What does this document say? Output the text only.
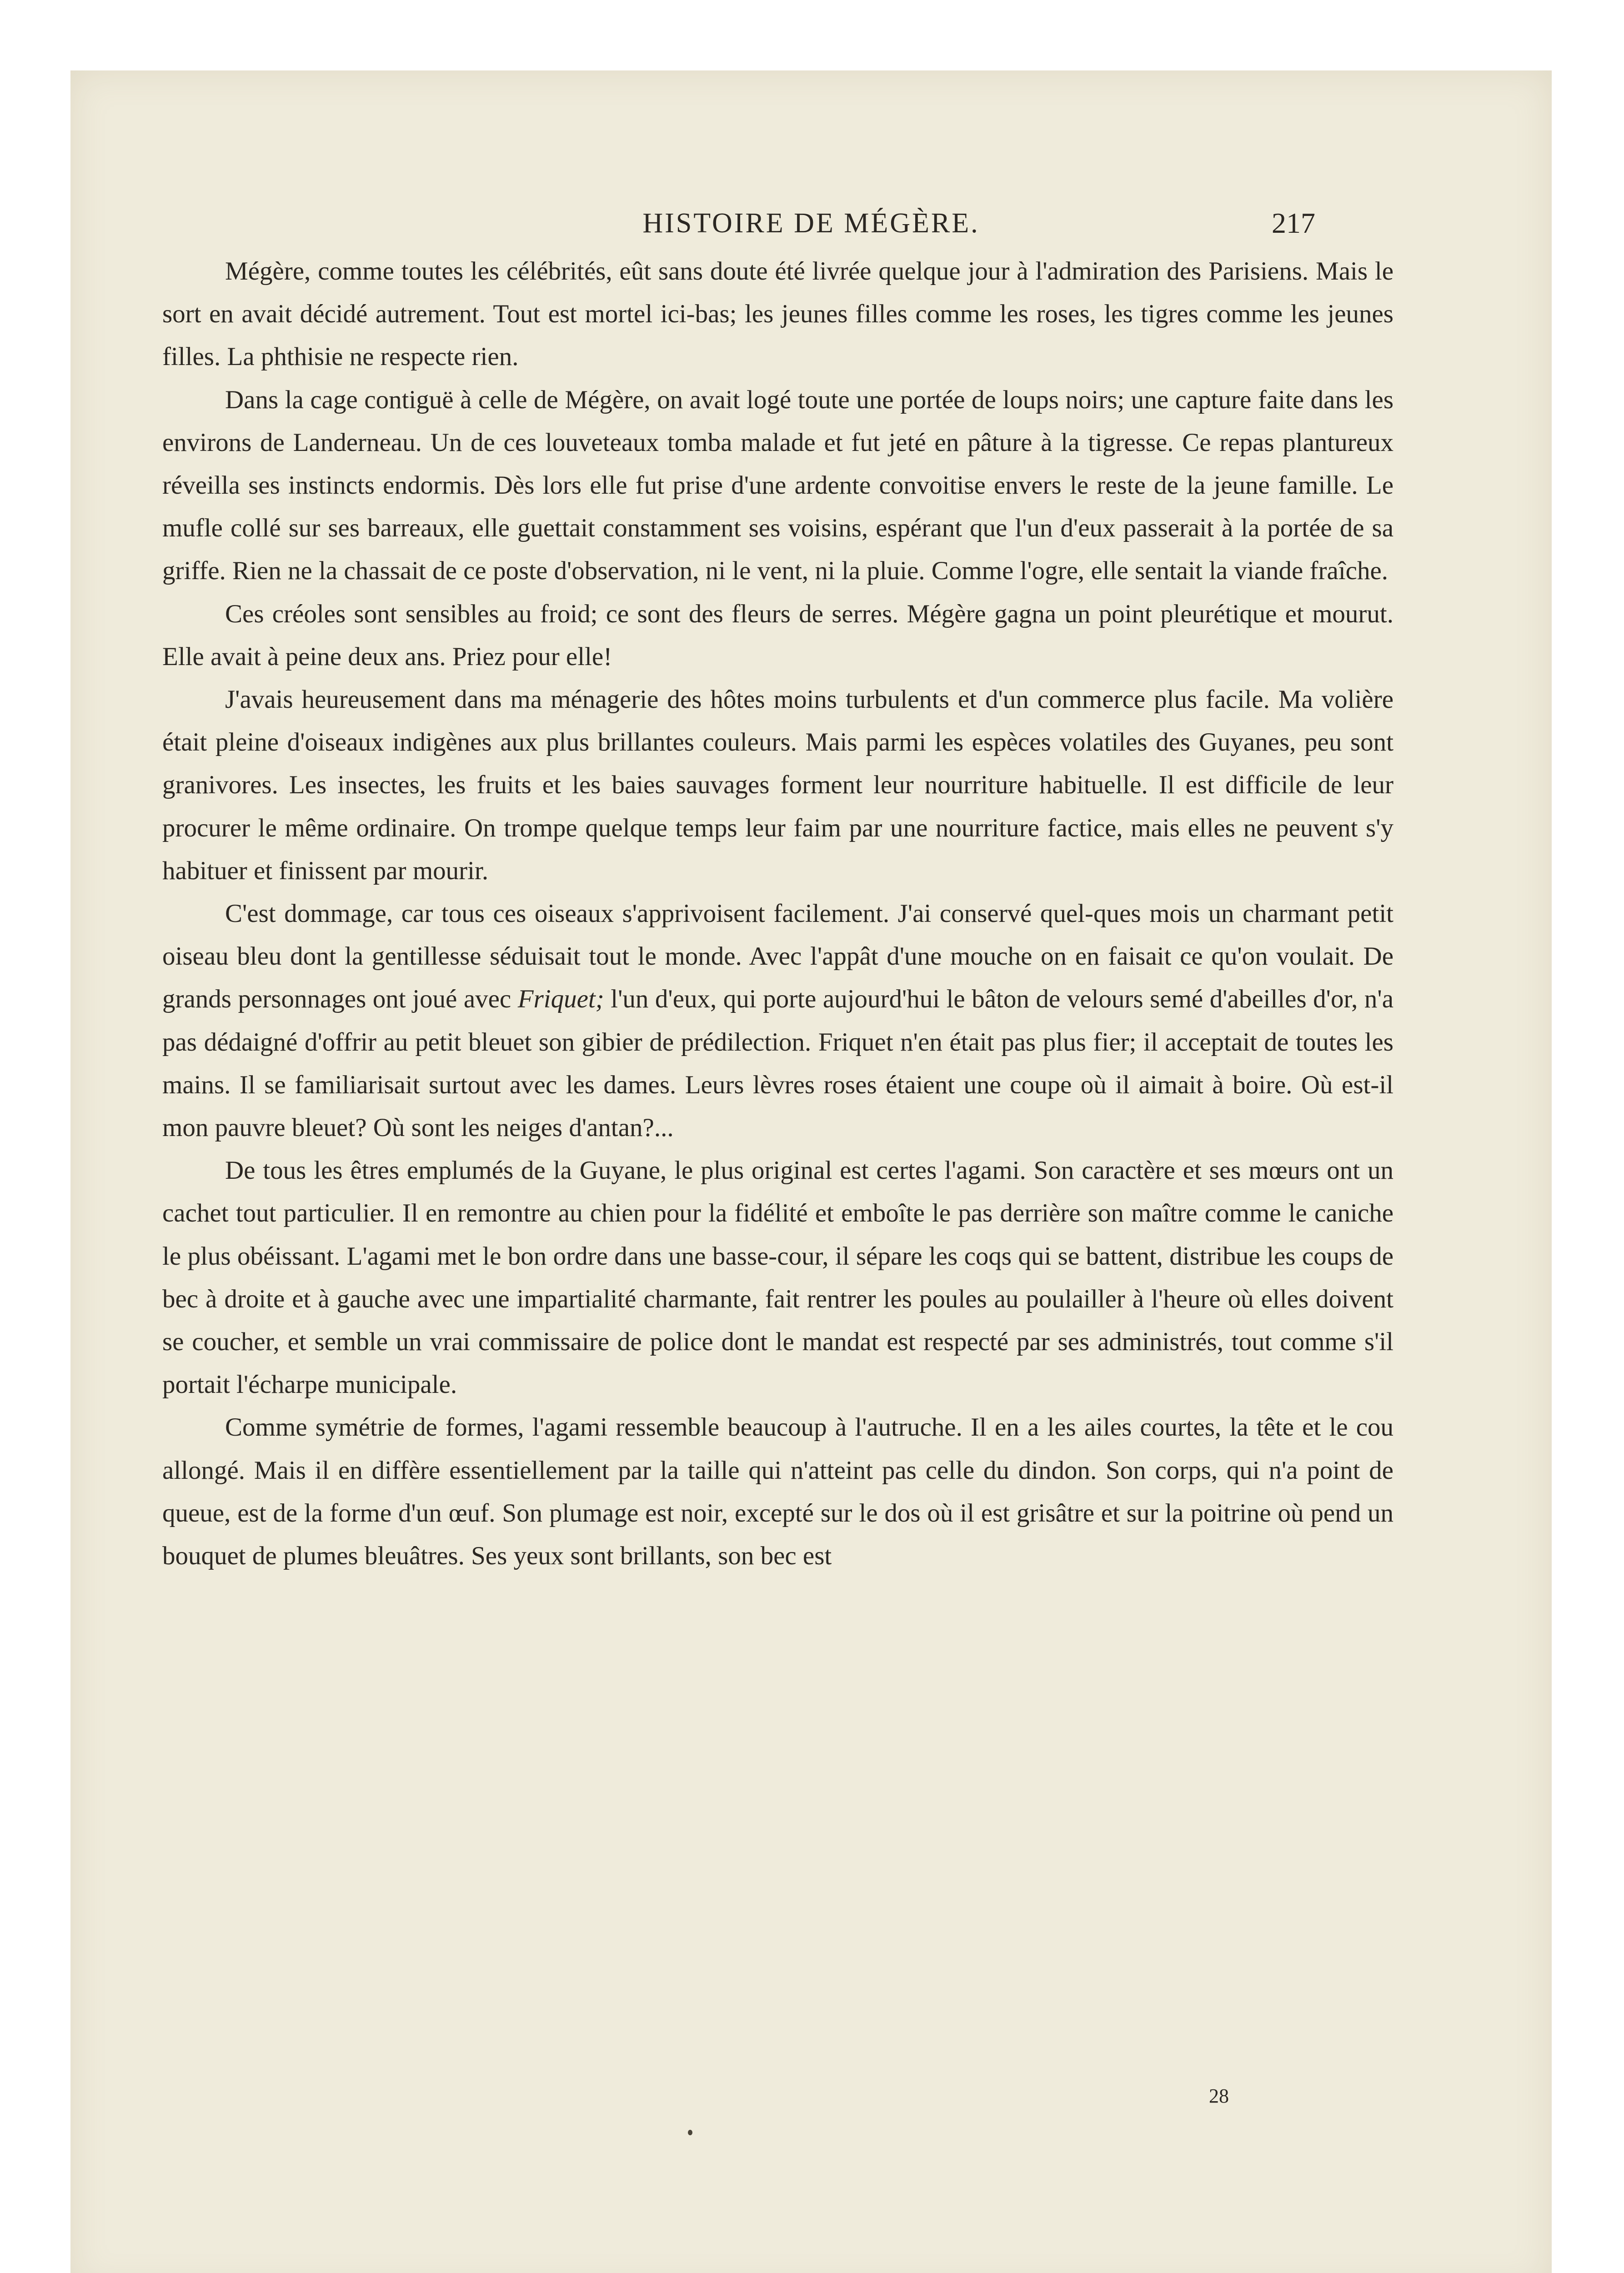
HISTOIRE DE MÉGÈRE.	217

Mégère, comme toutes les célébrités, eût sans doute été livrée quelque jour à l'admiration des Parisiens. Mais le sort en avait décidé autrement. Tout est mortel ici-bas; les jeunes filles comme les roses, les tigres comme les jeunes filles. La phthisie ne respecte rien.

Dans la cage contiguë à celle de Mégère, on avait logé toute une portée de loups noirs; une capture faite dans les environs de Landerneau. Un de ces louveteaux tomba malade et fut jeté en pâture à la tigresse. Ce repas plantureux réveilla ses instincts endormis. Dès lors elle fut prise d'une ardente convoitise envers le reste de la jeune famille. Le mufle collé sur ses barreaux, elle guettait constamment ses voisins, espérant que l'un d'eux passerait à la portée de sa griffe. Rien ne la chassait de ce poste d'observation, ni le vent, ni la pluie. Comme l'ogre, elle sentait la viande fraîche.

Ces créoles sont sensibles au froid; ce sont des fleurs de serres. Mégère gagna un point pleurétique et mourut. Elle avait à peine deux ans. Priez pour elle!

J'avais heureusement dans ma ménagerie des hôtes moins turbulents et d'un commerce plus facile. Ma volière était pleine d'oiseaux indigènes aux plus brillantes couleurs. Mais parmi les espèces volatiles des Guyanes, peu sont granivores. Les insectes, les fruits et les baies sauvages forment leur nourriture habituelle. Il est difficile de leur procurer le même ordinaire. On trompe quelque temps leur faim par une nourriture factice, mais elles ne peuvent s'y habituer et finissent par mourir.

C'est dommage, car tous ces oiseaux s'apprivoisent facilement. J'ai conservé quel-ques mois un charmant petit oiseau bleu dont la gentillesse séduisait tout le monde. Avec l'appât d'une mouche on en faisait ce qu'on voulait. De grands personnages ont joué avec Friquet; l'un d'eux, qui porte aujourd'hui le bâton de velours semé d'abeilles d'or, n'a pas dédaigné d'offrir au petit bleuet son gibier de prédilection. Friquet n'en était pas plus fier; il acceptait de toutes les mains. Il se familiarisait surtout avec les dames. Leurs lèvres roses étaient une coupe où il aimait à boire. Où est-il mon pauvre bleuet? Où sont les neiges d'antan?...

De tous les êtres emplumés de la Guyane, le plus original est certes l'agami. Son caractère et ses mœurs ont un cachet tout particulier. Il en remontre au chien pour la fidélité et emboîte le pas derrière son maître comme le caniche le plus obéissant. L'agami met le bon ordre dans une basse-cour, il sépare les coqs qui se battent, distribue les coups de bec à droite et à gauche avec une impartialité charmante, fait rentrer les poules au poulailler à l'heure où elles doivent se coucher, et semble un vrai commissaire de police dont le mandat est respecté par ses administrés, tout comme s'il portait l'écharpe municipale.

Comme symétrie de formes, l'agami ressemble beaucoup à l'autruche. Il en a les ailes courtes, la tête et le cou allongé. Mais il en diffère essentiellement par la taille qui n'atteint pas celle du dindon. Son corps, qui n'a point de queue, est de la forme d'un œuf. Son plumage est noir, excepté sur le dos où il est grisâtre et sur la poitrine où pend un bouquet de plumes bleuâtres. Ses yeux sont brillants, son bec est

28
